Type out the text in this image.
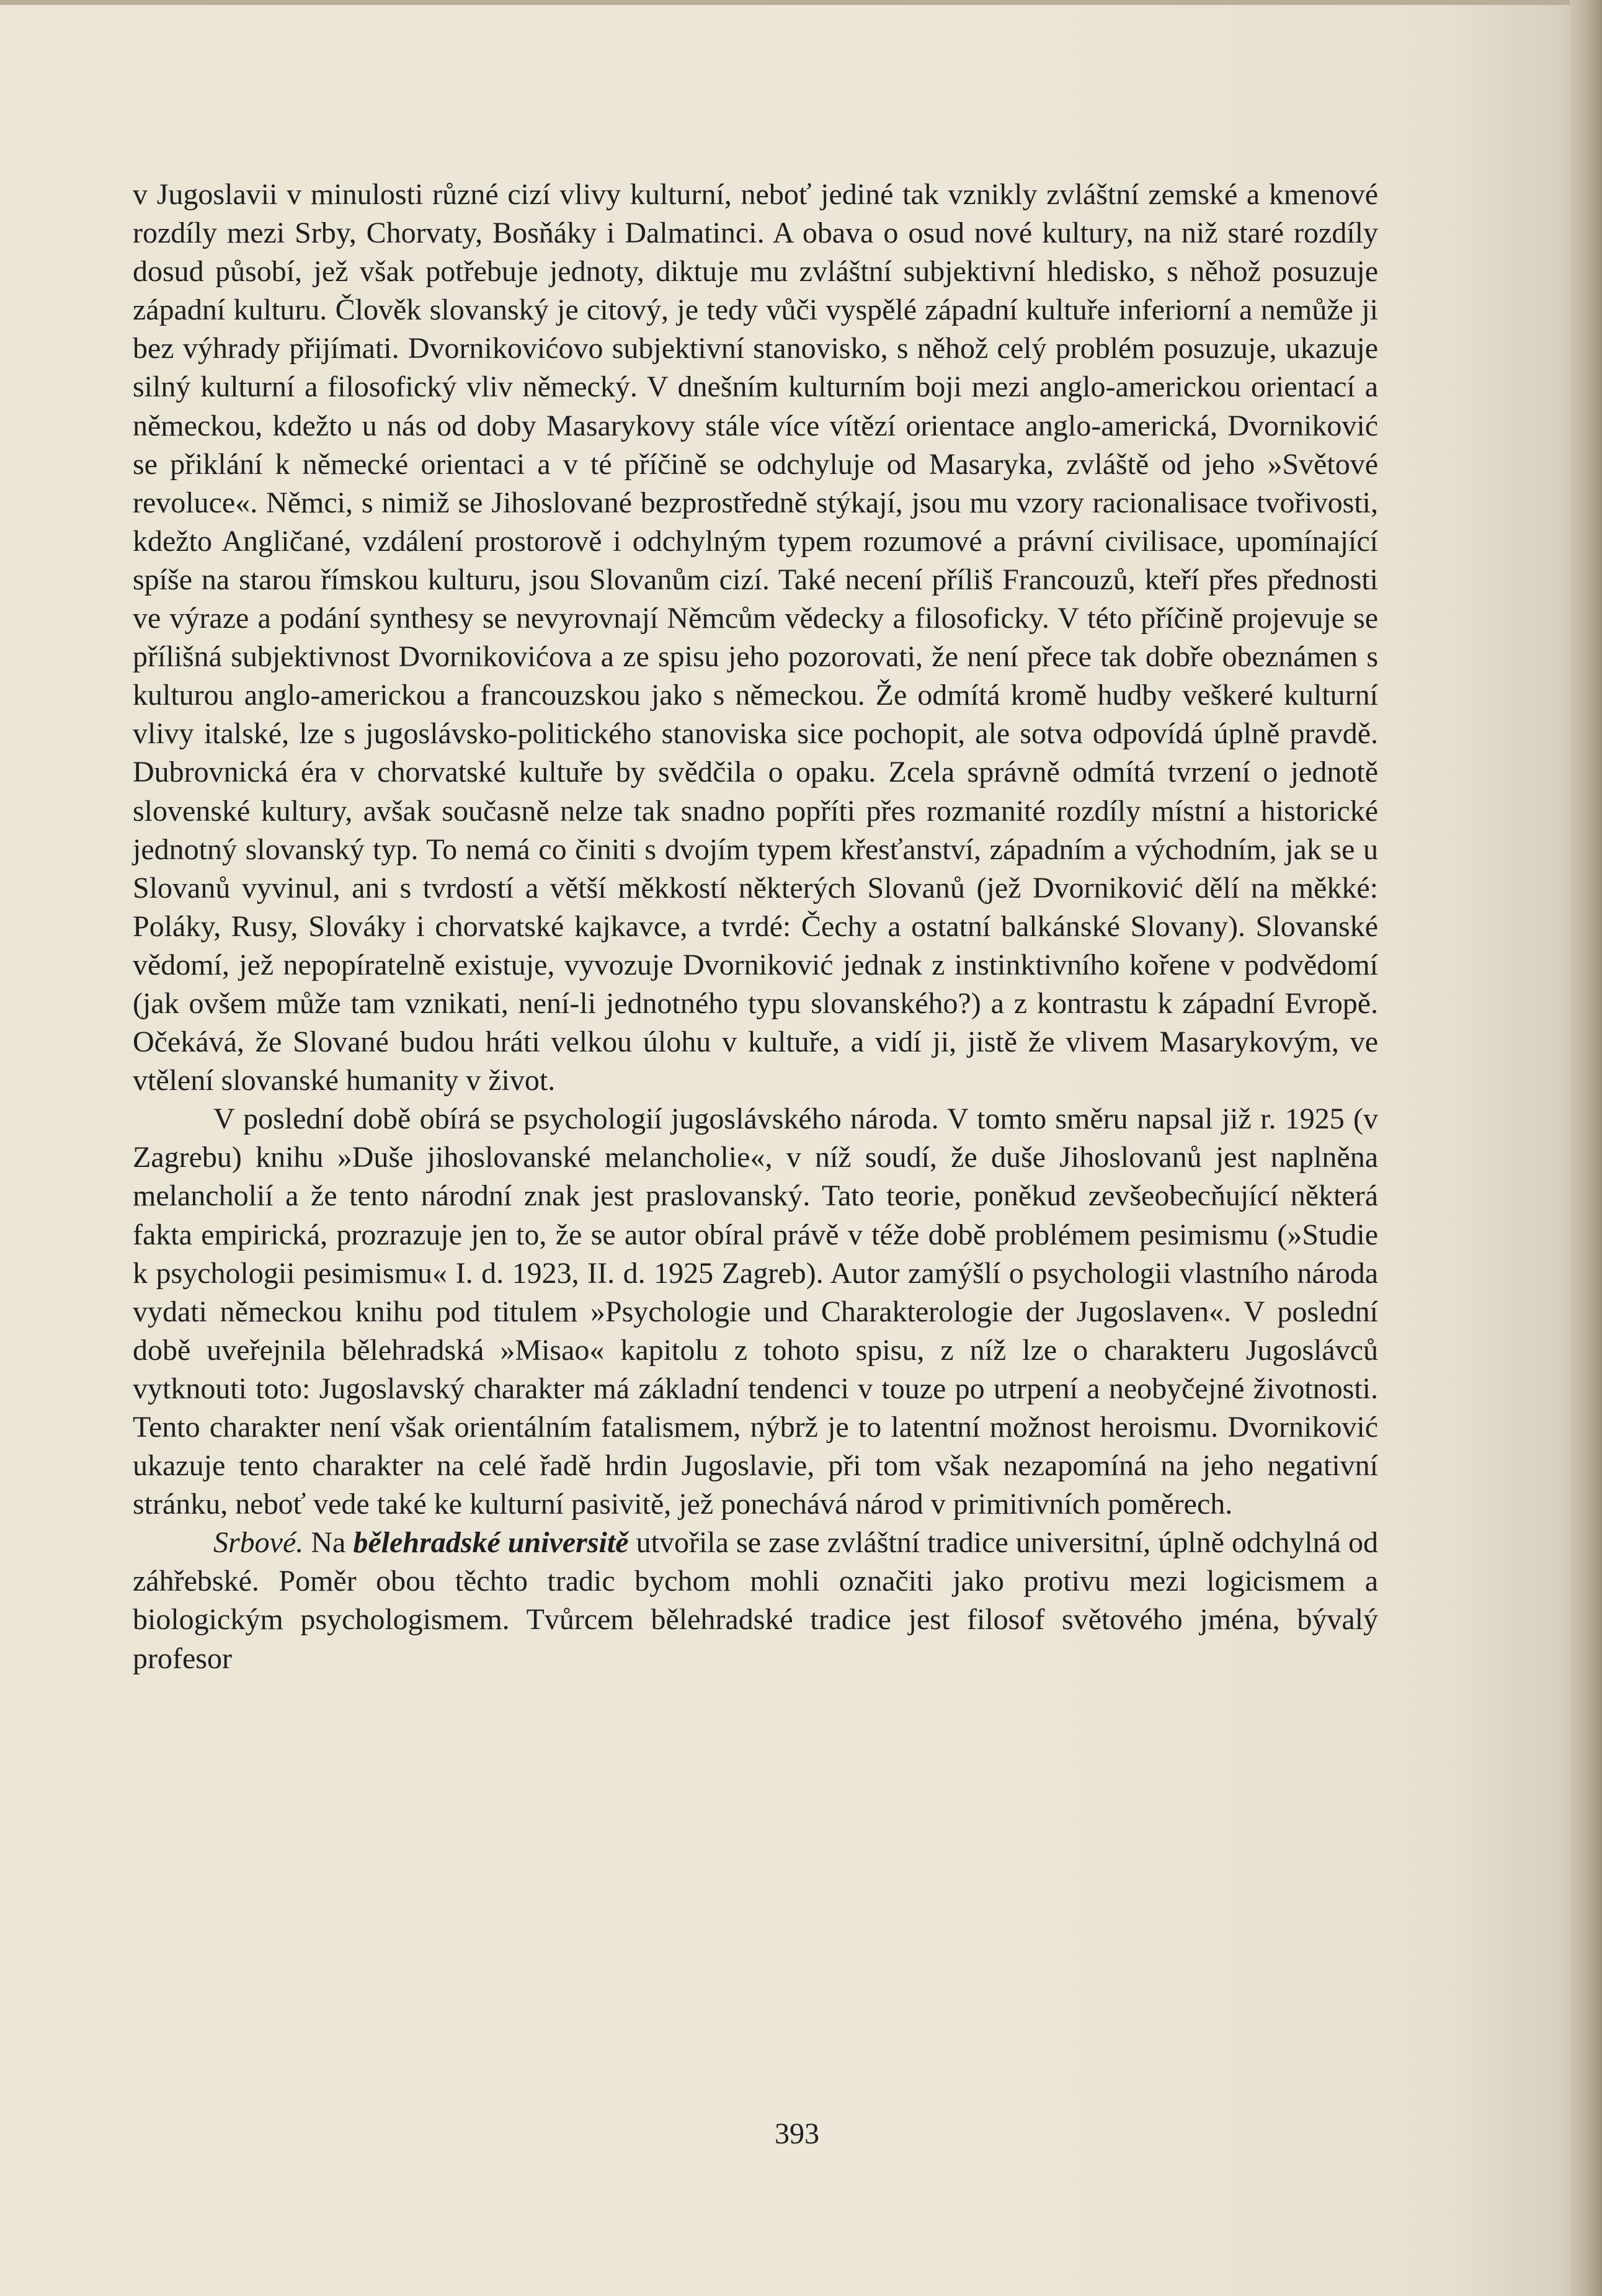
v Jugoslavii v minulosti různé cizí vlivy kulturní, neboť jediné tak vznikly zvláštní zemské a kmenové rozdíly mezi Srby, Chorvaty, Bosňáky i Dalmatinci. A obava o osud nové kultury, na niž staré rozdíly dosud působí, jež však potřebuje jednoty, diktuje mu zvláštní subjektivní hledisko, s něhož posuzuje západní kulturu. Člověk slovanský je citový, je tedy vůči vyspělé západní kultuře inferiorní a nemůže ji bez výhrady přijímati. Dvornikovićovo subjektivní stanovisko, s něhož celý problém posuzuje, ukazuje silný kulturní a filosofický vliv německý. V dnešním kulturním boji mezi anglo-americkou orientací a německou, kdežto u nás od doby Masarykovy stále více vítězí orientace anglo-americká, Dvorniković se přiklání k německé orientaci a v té příčině se odchyluje od Masaryka, zvláště od jeho »Světové revoluce«. Němci, s nimiž se Jihoslované bezprostředně stýkají, jsou mu vzory racionalisace tvořivosti, kdežto Angličané, vzdálení prostorově i odchylným typem rozumové a právní civilisace, upomínající spíše na starou římskou kulturu, jsou Slovanům cizí. Také necení příliš Francouzů, kteří přes přednosti ve výraze a podání synthesy se nevyrovnají Němcům vědecky a filosoficky. V této příčině projevuje se přílišná subjektivnost Dvornikovićova a ze spisu jeho pozorovati, že není přece tak dobře obeznámen s kulturou anglo-americkou a francouzskou jako s německou. Že odmítá kromě hudby veškeré kulturní vlivy italské, lze s jugoslávsko-politického stanoviska sice pochopit, ale sotva odpovídá úplně pravdě. Dubrovnická éra v chorvatské kultuře by svědčila o opaku. Zcela správně odmítá tvrzení o jednotě slovenské kultury, avšak současně nelze tak snadno popříti přes rozmanité rozdíly místní a historické jednotný slovanský typ. To nemá co činiti s dvojím typem křesťanství, západním a východním, jak se u Slovanů vyvinul, ani s tvrdostí a větší měkkostí některých Slovanů (jež Dvorniković dělí na měkké: Poláky, Rusy, Slováky i chorvatské kajkavce, a tvrdé: Čechy a ostatní balkánské Slovany). Slovanské vědomí, jež nepopíratelně existuje, vyvozuje Dvorniković jednak z instinktivního kořene v podvědomí (jak ovšem může tam vznikati, není-li jednotného typu slovanského?) a z kontrastu k západní Evropě. Očekává, že Slované budou hráti velkou úlohu v kultuře, a vidí ji, jistě že vlivem Masarykovým, ve vtělení slovanské humanity v život.

V poslední době obírá se psychologií jugoslávského národa. V tomto směru napsal již r. 1925 (v Zagrebu) knihu »Duše jihoslovanské melancholie«, v níž soudí, že duše Jihoslovanů jest naplněna melancholií a že tento národní znak jest praslovanský. Tato teorie, poněkud zevšeobecňující některá fakta empirická, prozrazuje jen to, že se autor obíral právě v téže době problémem pesimismu (»Studie k psychologii pesimismu« I. d. 1923, II. d. 1925 Zagreb). Autor zamýšlí o psychologii vlastního národa vydati německou knihu pod titulem »Psychologie und Charakterologie der Jugoslaven«. V poslední době uveřejnila bělehradská »Misao« kapitolu z tohoto spisu, z níž lze o charakteru Jugoslávců vytknouti toto: Jugoslavský charakter má základní tendenci v touze po utrpení a neobyčejné životnosti. Tento charakter není však orientálním fatalismem, nýbrž je to latentní možnost heroismu. Dvorniković ukazuje tento charakter na celé řadě hrdin Jugoslavie, při tom však nezapomíná na jeho negativní stránku, neboť vede také ke kulturní pasivitě, jež ponechává národ v primitivních poměrech.

Srbové. Na bělehradské universitě utvořila se zase zvláštní tradice universitní, úplně odchylná od záhřebské. Poměr obou těchto tradic bychom mohli označiti jako protivu mezi logicismem a biologickým psychologismem. Tvůrcem bělehradské tradice jest filosof světového jména, bývalý profesor

393
